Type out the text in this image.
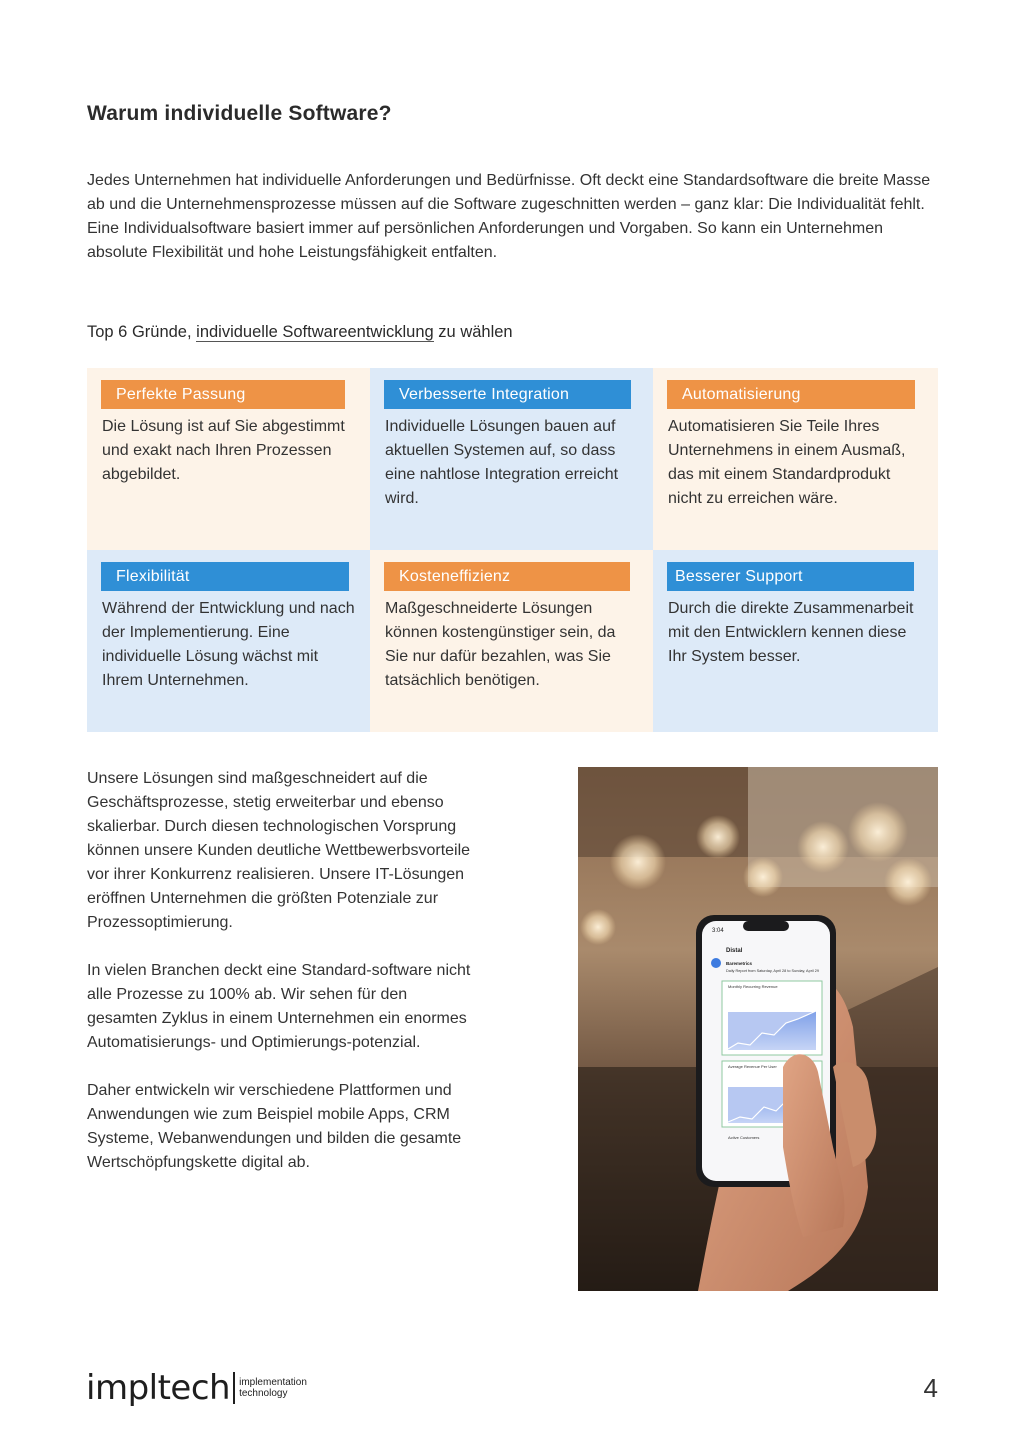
Warum individuelle Software?

Jedes Unternehmen hat individuelle Anforderungen und Bedürfnisse. Oft deckt eine Standardsoftware die breite Masse ab und die Unternehmensprozesse müssen auf die Software zugeschnitten werden – ganz klar: Die Individualität fehlt.

Eine Individualsoftware basiert immer auf persönlichen Anforderungen und Vorgaben. So kann ein Unternehmen absolute Flexibilität und hohe Leistungsfähigkeit entfalten.

Top 6 Gründe, individuelle Softwareentwicklung zu wählen
Perfekte Passung
Die Lösung ist auf Sie abgestimmt und exakt nach Ihren Prozessen abgebildet.
Verbesserte Integration
Individuelle Lösungen bauen auf aktuellen Systemen auf, so dass eine nahtlose Integration erreicht wird.
Automatisierung
Automatisieren Sie Teile Ihres Unternehmens in einem Ausmaß, das mit einem Standardprodukt nicht zu erreichen wäre.
Flexibilität
Während der Entwicklung und nach der Implementierung. Eine individuelle Lösung wächst mit Ihrem Unternehmen.
Kosteneffizienz
Maßgeschneiderte Lösungen können kostengünstiger sein, da Sie nur dafür bezahlen, was Sie tatsächlich benötigen.
Besserer Support
Durch die direkte Zusammenarbeit mit den Entwicklern kennen diese Ihr System besser.

Unsere Lösungen sind maßgeschneidert auf die Geschäftsprozesse, stetig erweiterbar und ebenso skalierbar. Durch diesen technologischen Vorsprung können unsere Kunden deutliche Wettbewerbsvorteile vor ihrer Konkurrenz realisieren. Unsere IT-Lösungen eröffnen Unternehmen die größten Potenziale zur Prozessoptimierung.

In vielen Branchen deckt eine Standard-software nicht alle Prozesse zu 100% ab. Wir sehen für den gesamten Zyklus in einem Unternehmen ein enormes Automatisierungs- und Optimierungs-potenzial.

Daher entwickeln wir verschiedene Plattformen und Anwendungen wie zum Beispiel mobile Apps, CRM Systeme, Webanwendungen und bilden die gesamte Wertschöpfungskette digital ab.

3:04
Distal
Baremetrics
Daily Report from Saturday, April 28 to Sunday, April 29
Monthly Recurring Revenue
Average Revenue Per User
Active Customers
impltech implementation
technology	4
